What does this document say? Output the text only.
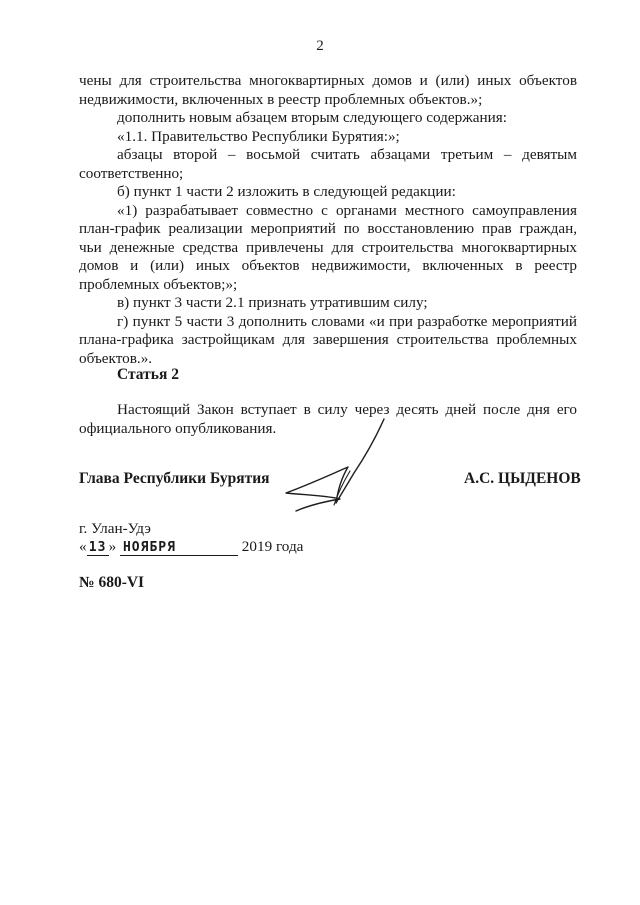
2

чены для строительства многоквартирных домов и (или) иных объектов недвижимости, включенных в реестр проблемных объектов.»;

дополнить новым абзацем вторым следующего содержания:

«1.1. Правительство Республики Бурятия:»;

абзацы второй – восьмой считать абзацами третьим – девятым соответственно;

б) пункт 1 части 2 изложить в следующей редакции:

«1) разрабатывает совместно с органами местного самоуправления план-график реализации мероприятий по восстановлению прав граждан, чьи денежные средства привлечены для строительства многоквартирных домов и (или) иных объектов недвижимости, включенных в реестр проблемных объектов;»;

в) пункт 3 части 2.1 признать утратившим силу;

г) пункт 5 части 3 дополнить словами «и при разработке мероприятий плана-графика застройщикам для завершения строительства проблемных объектов.».

Статья 2

Настоящий Закон вступает в силу через десять дней после дня его официального опубликования.

Глава Республики Бурятия	А.С. ЦЫДЕНОВ
г. Улан-Удэ
« 13 » НОЯБРЯ	2019 года
№ 680-VI
